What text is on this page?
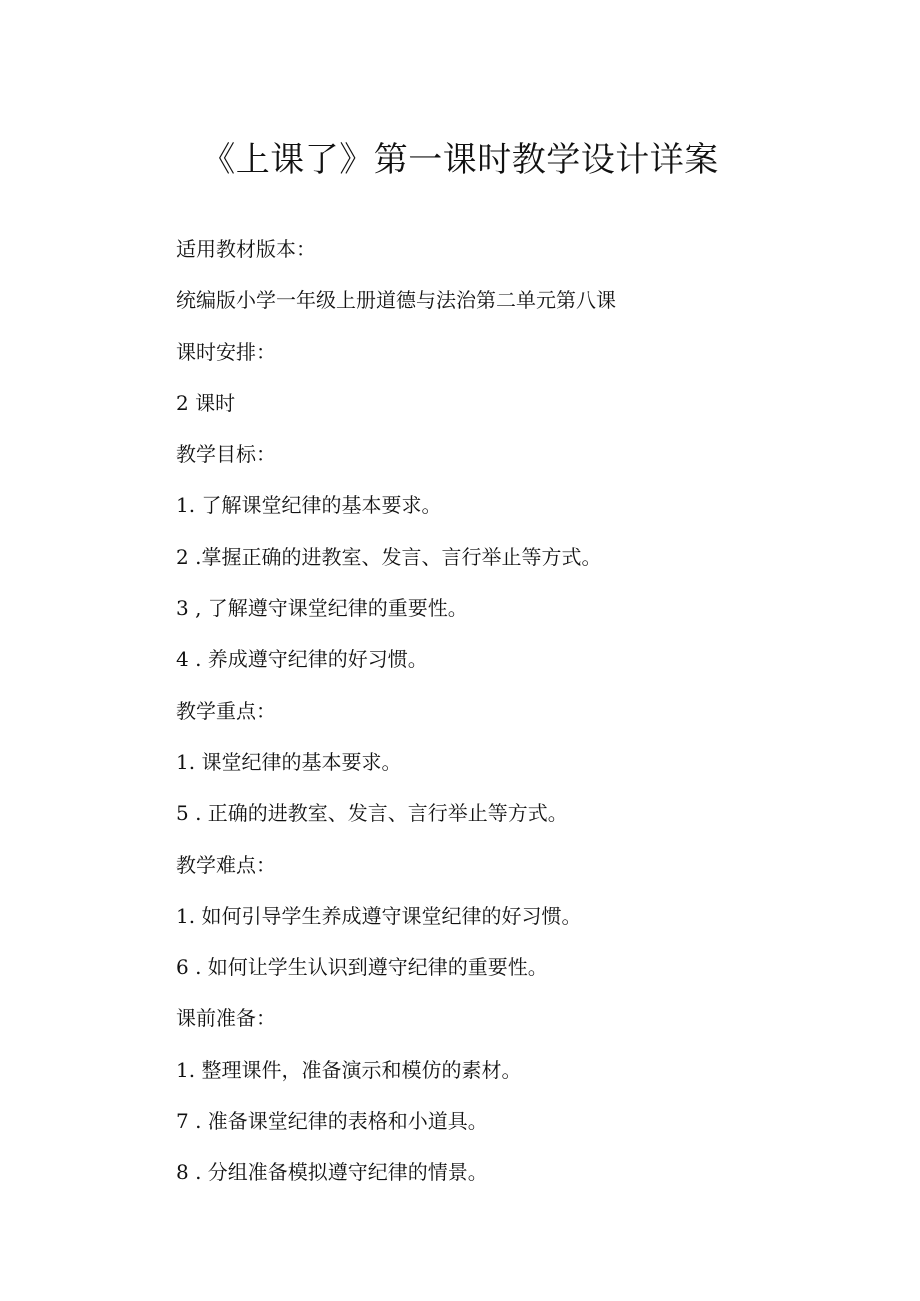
《上课了》第一课时教学设计详案

适用教材版本：

统编版小学一年级上册道德与法治第二单元第八课

课时安排：

2 课时

教学目标：

1. 了解课堂纪律的基本要求。

2 .掌握正确的进教室、发言、言行举止等方式。

3 , 了解遵守课堂纪律的重要性。

4 . 养成遵守纪律的好习惯。

教学重点：

1. 课堂纪律的基本要求。

5 . 正确的进教室、发言、言行举止等方式。

教学难点：

1. 如何引导学生养成遵守课堂纪律的好习惯。

6 . 如何让学生认识到遵守纪律的重要性。

课前准备：

1. 整理课件，准备演示和模仿的素材。

7 . 准备课堂纪律的表格和小道具。

8 . 分组准备模拟遵守纪律的情景。
